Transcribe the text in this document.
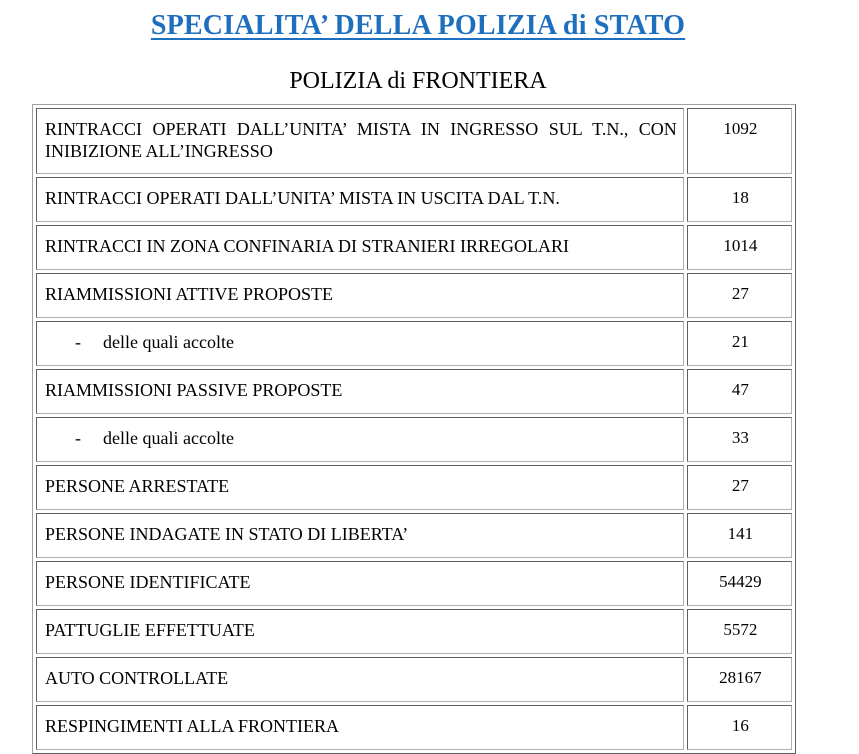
SPECIALITA’ DELLA POLIZIA di STATO
POLIZIA di FRONTIERA
RINTRACCI OPERATI DALL’UNITA’ MISTA IN INGRESSO SUL T.N., CON INIBIZIONE ALL’INGRESSO	1092
RINTRACCI OPERATI DALL’UNITA’ MISTA IN USCITA DAL T.N.	18
RINTRACCI IN ZONA CONFINARIA DI STRANIERI IRREGOLARI	1014
RIAMMISSIONI ATTIVE PROPOSTE	27
- delle quali accolte	21
RIAMMISSIONI PASSIVE PROPOSTE	47
- delle quali accolte	33
PERSONE ARRESTATE	27
PERSONE INDAGATE IN STATO DI LIBERTA’	141
PERSONE IDENTIFICATE	54429
PATTUGLIE EFFETTUATE	5572
AUTO CONTROLLATE	28167
RESPINGIMENTI ALLA FRONTIERA	16
